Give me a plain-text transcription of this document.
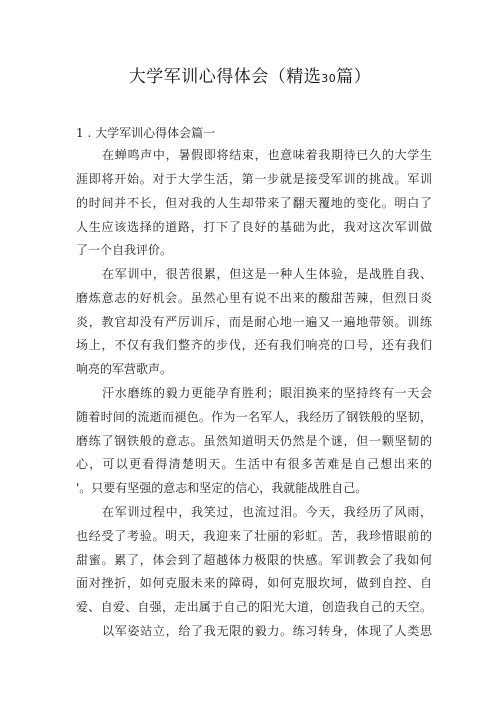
大学军训心得体会（精选30篇）
1 . 大学军训心得体会篇一
在蝉鸣声中，暑假即将结束，也意味着我期待已久的大学生
涯即将开始。对于大学生活，第一步就是接受军训的挑战。军训
的时间并不长，但对我的人生却带来了翻天覆地的变化。明白了
人生应该选择的道路，打下了良好的基础为此，我对这次军训做
了一个自我评价。
在军训中，很苦很累，但这是一种人生体验，是战胜自我、
磨炼意志的好机会。虽然心里有说不出来的酸甜苦辣，但烈日炎
炎，教官却没有严厉训斥，而是耐心地一遍又一遍地带领。训练
场上，不仅有我们整齐的步伐，还有我们响亮的口号，还有我们
响亮的军营歌声。
汗水磨练的毅力更能孕育胜利；眼泪换来的坚持终有一天会
随着时间的流逝而褪色。作为一名军人，我经历了钢铁般的坚韧，
磨练了钢铁般的意志。虽然知道明天仍然是个谜，但一颗坚韧的
心，可以更看得清楚明天。生活中有很多苦难是自己想出来的
'。只要有坚强的意志和坚定的信心，我就能战胜自己。
在军训过程中，我笑过，也流过泪。今天，我经历了风雨，
也经受了考验。明天，我迎来了壮丽的彩虹。苦，我珍惜眼前的
甜蜜。累了，体会到了超越体力极限的快感。军训教会了我如何
面对挫折，如何克服未来的障碍，如何克服坎坷，做到自控、自
爱、自爱、自强，走出属于自己的阳光大道，创造我自己的天空。
以军姿站立，给了我无限的毅力。练习转身，体现了人类思
